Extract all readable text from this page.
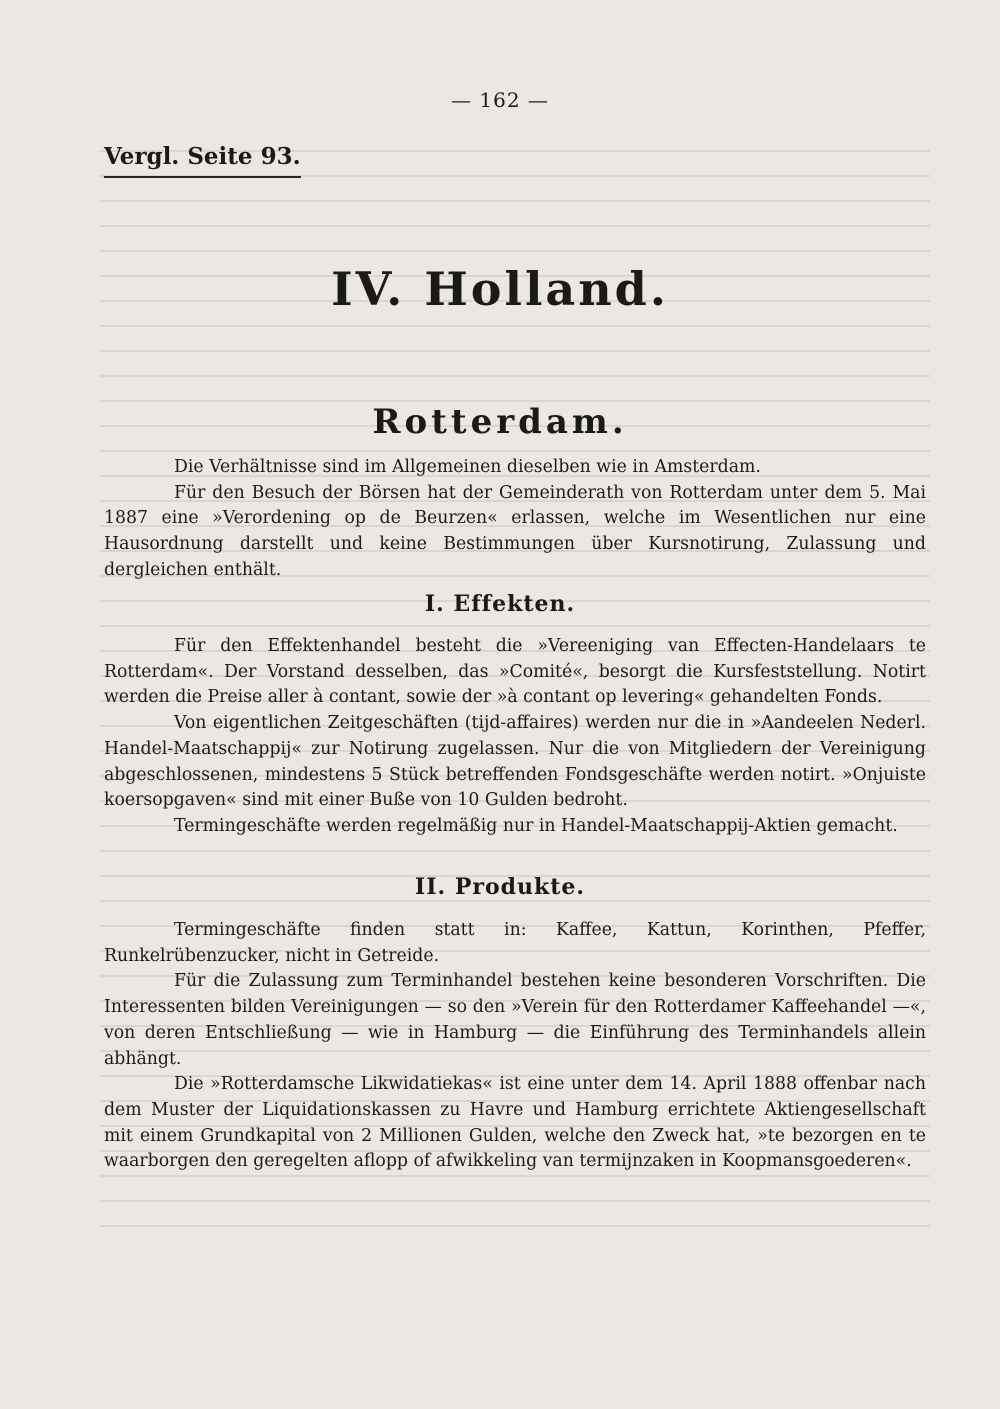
— 162 —
Vergl. Seite 93.
IV. Holland.
Rotterdam.

Die Verhältnisse sind im Allgemeinen dieselben wie in Amsterdam.

Für den Besuch der Börsen hat der Gemeinderath von Rotterdam unter dem 5. Mai 1887 eine »Verordening op de Beurzen« erlassen, welche im Wesentlichen nur eine Hausordnung darstellt und keine Bestimmungen über Kursnotirung, Zulassung und dergleichen enthält.

I. Effekten.

Für den Effektenhandel besteht die »Vereeniging van Effecten-Handelaars te Rotterdam«. Der Vorstand desselben, das »Comité«, besorgt die Kursfeststellung. Notirt werden die Preise aller à contant, sowie der »à contant op levering« gehandelten Fonds.

Von eigentlichen Zeitgeschäften (tijd-affaires) werden nur die in »Aandeelen Nederl. Handel-Maatschappij« zur Notirung zugelassen. Nur die von Mitgliedern der Vereinigung abgeschlossenen, mindestens 5 Stück betreffenden Fondsgeschäfte werden notirt. »Onjuiste koersopgaven« sind mit einer Buße von 10 Gulden bedroht.

Termingeschäfte werden regelmäßig nur in Handel-Maatschappij-Aktien gemacht.

II. Produkte.

Termingeschäfte finden statt in: Kaffee, Kattun, Korinthen, Pfeffer, Runkelrübenzucker, nicht in Getreide.

Für die Zulassung zum Terminhandel bestehen keine besonderen Vorschriften. Die Interessenten bilden Vereinigungen — so den »Verein für den Rotterdamer Kaffeehandel —«, von deren Entschließung — wie in Hamburg — die Einführung des Terminhandels allein abhängt.

Die »Rotterdamsche Likwidatiekas« ist eine unter dem 14. April 1888 offenbar nach dem Muster der Liquidationskassen zu Havre und Hamburg errichtete Aktiengesellschaft mit einem Grundkapital von 2 Millionen Gulden, welche den Zweck hat, »te bezorgen en te waarborgen den geregelten aflopp of afwikkeling van termijnzaken in Koopmansgoederen«.
